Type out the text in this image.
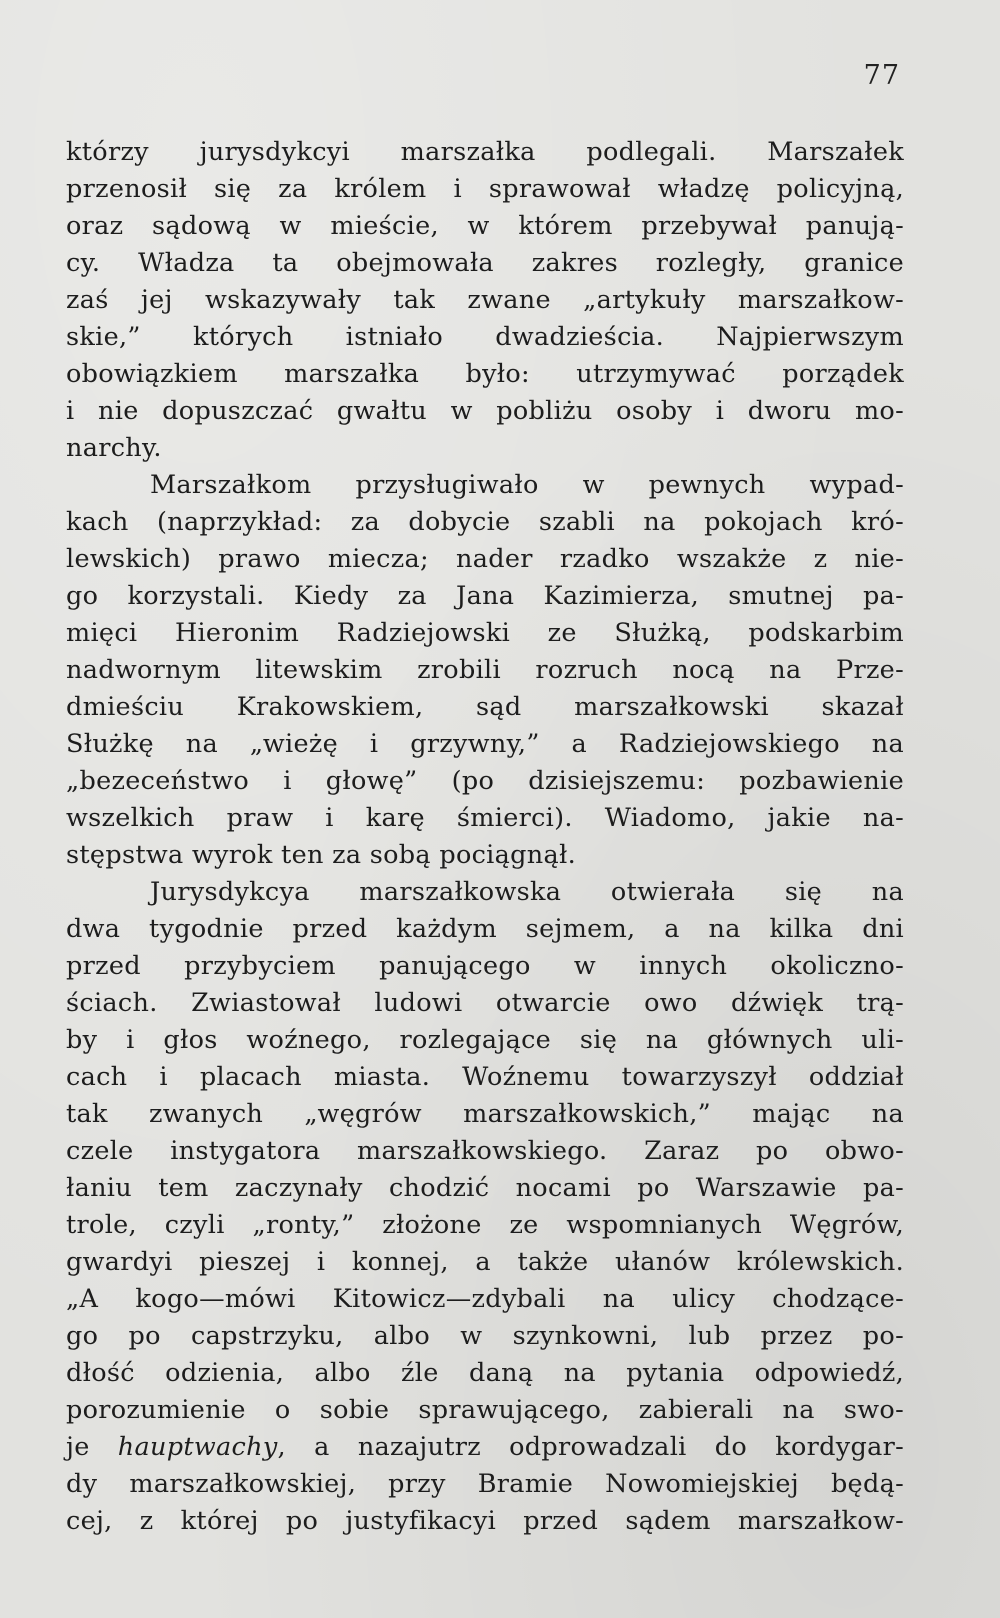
77
którzy jurysdykcyi marszałka podlegali. Marszałek
przenosił się za królem i sprawował władzę policyjną,
oraz sądową w mieście, w którem przebywał panują-
cy. Władza ta obejmowała zakres rozległy, granice
zaś jej wskazywały tak zwane „artykuły marszałkow-
skie,” których istniało dwadzieścia. Najpierwszym
obowiązkiem marszałka było: utrzymywać porządek
i nie dopuszczać gwałtu w pobliżu osoby i dworu mo-
narchy.
Marszałkom przysługiwało w pewnych wypad-
kach (naprzykład: za dobycie szabli na pokojach kró-
lewskich) prawo miecza; nader rzadko wszakże z nie-
go korzystali. Kiedy za Jana Kazimierza, smutnej pa-
mięci Hieronim Radziejowski ze Służką, podskarbim
nadwornym litewskim zrobili rozruch nocą na Prze-
dmieściu Krakowskiem, sąd marszałkowski skazał
Służkę na „wieżę i grzywny,” a Radziejowskiego na
„bezeceństwo i głowę” (po dzisiejszemu: pozbawienie
wszelkich praw i karę śmierci). Wiadomo, jakie na-
stępstwa wyrok ten za sobą pociągnął.
Jurysdykcya marszałkowska otwierała się na
dwa tygodnie przed każdym sejmem, a na kilka dni
przed przybyciem panującego w innych okoliczno-
ściach. Zwiastował ludowi otwarcie owo dźwięk trą-
by i głos woźnego, rozlegające się na głównych uli-
cach i placach miasta. Woźnemu towarzyszył oddział
tak zwanych „węgrów marszałkowskich,” mając na
czele instygatora marszałkowskiego. Zaraz po obwo-
łaniu tem zaczynały chodzić nocami po Warszawie pa-
trole, czyli „ronty,” złożone ze wspomnianych Węgrów,
gwardyi pieszej i konnej, a także ułanów królewskich.
„A kogo—mówi Kitowicz—zdybali na ulicy chodzące-
go po capstrzyku, albo w szynkowni, lub przez po-
dłość odzienia, albo źle daną na pytania odpowiedź,
porozumienie o sobie sprawującego, zabierali na swo-
je hauptwachy, a nazajutrz odprowadzali do kordygar-
dy marszałkowskiej, przy Bramie Nowomiejskiej będą-
cej, z której po justyfikacyi przed sądem marszałkow-
